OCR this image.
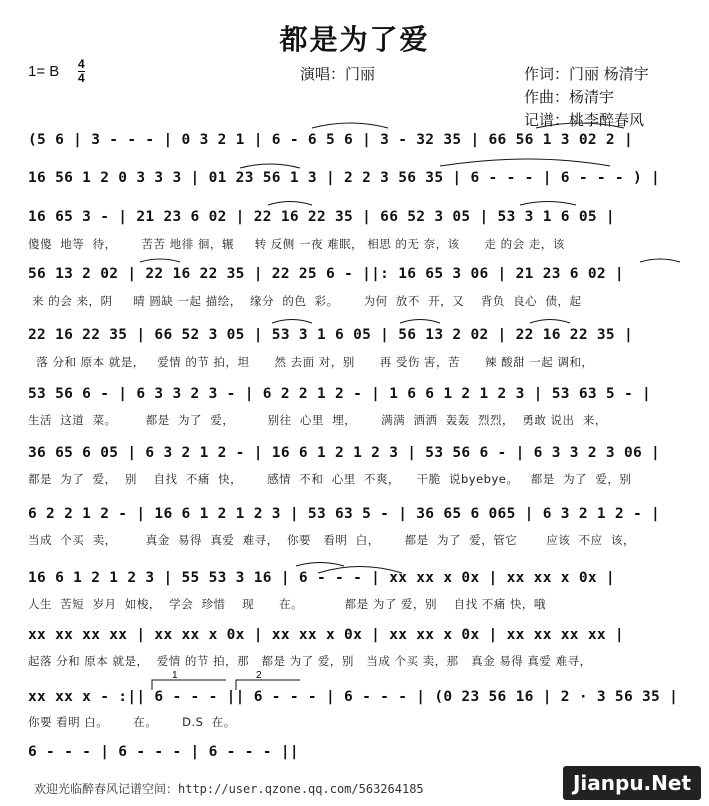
都是为了爱
1= B 4
4	演唱：门丽	作词：门丽 杨清宇
作曲：杨清宇
记谱：桃李醉春风
(5 6 | 3 - - - | 0 3 2 1 | 6 - 6 5 6 | 3 - 32 35 | 66 56 1 3 02 2 |
16 56 1 2 0 3 3 3 | 01 23 56 1 3 | 2 2 3 56 35 | 6 - - - | 6 - - - ) |
16 65 3 - | 21 23 6 02 | 22 16 22 35 | 66 52 3 05 | 53 3 1 6 05 |
傻傻  地等  待，      苦苦 地徘 徊，辗     转 反侧 一夜 难眠， 相思 的无 奈，该      走 的会 走，该
56 13 2 02 | 22 16 22 35 | 22 25 6 - ||: 16 65 3 06 | 21 23 6 02 |
来 的会 来，阴     晴 圆缺 一起 描绘，  缘分  的色  彩。      为何  放不  开，又    背负  良心  债，起
22 16 22 35 | 66 52 3 05 | 53 3 1 6 05 | 56 13 2 02 | 22 16 22 35 |
落 分和 原本 就是，   爱情 的节 拍，坦      然 去面 对，别      再 受伤 害，苦      辣 酸甜 一起 调和，
53 56 6 - | 6 3 3 2 3 - | 6 2 2 1 2 - | 1 6 6 1 2 1 2 3 | 53 63 5 - |
生活  这道  菜。       都是  为了  爱，        别往  心里  埋，      满满  洒洒  轰轰  烈烈，  勇敢 说出  来，
36 65 6 05 | 6 3 2 1 2 - | 16 6 1 2 1 2 3 | 53 56 6 - | 6 3 3 2 3 06 |
都是  为了  爱，  别    自找  不痛  快，      感情  不和  心里  不爽，    干脆  说byebye。   都是  为了  爱，别
6 2 2 1 2 - | 16 6 1 2 1 2 3 | 53 63 5 - | 36 65 6 065 | 6 3 2 1 2 - |
当成  个买  卖，       真金  易得  真爱  难寻，  你要   看明  白，      都是  为了  爱，管它       应该  不应  该，
16 6 1 2 1 2 3 | 55 53 3 16 | 6 - - - | xx xx x 0x | xx xx x 0x |
人生  苦短  岁月  如梭，  学会  珍惜    现      在。          都是 为了 爱，别    自找 不痛 快，哦
xx xx xx xx | xx xx x 0x | xx xx x 0x | xx xx x 0x | xx xx xx xx |
起落 分和 原本 就是，  爱情 的节 拍，那   都是 为了 爱，别   当成 个买 卖，那   真金 易得 真爱 难寻，
xx xx x - :|| 6 - - - || 6 - - - | 6 - - - | (0 23 56 16 | 2 · 3 56 35 |
你要 看明 白。      在。      D.S  在。
6 - - - | 6 - - - | 6 - - - ||
1	2
欢迎光临醉春风记谱空间：http://user.qzone.qq.com/563264185	Jianpu.Net
